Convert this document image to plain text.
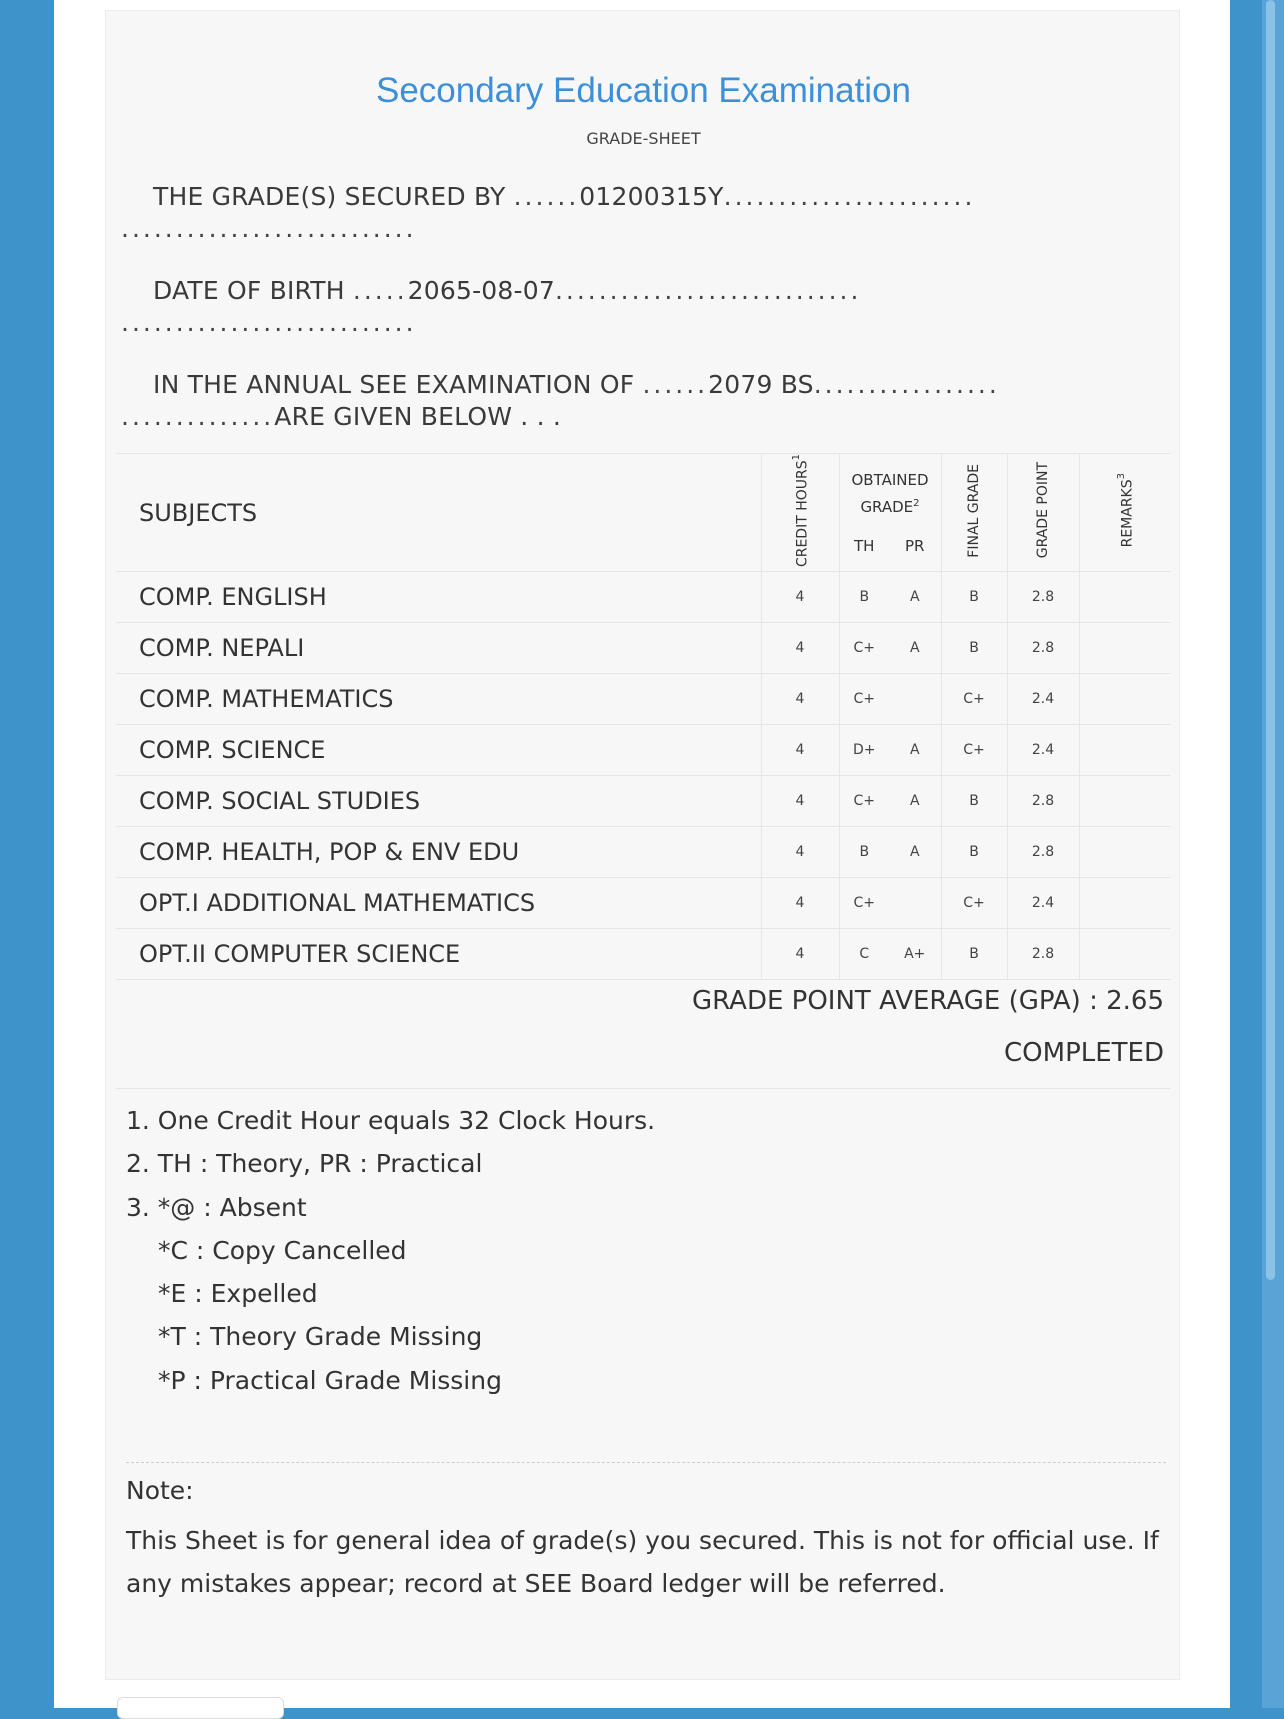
Secondary Education Examination
GRADE-SHEET
THE GRADE(S) SECURED BY ......01200315Y.......................
...........................
DATE OF BIRTH .....2065-08-07............................
...........................
IN THE ANNUAL SEE EXAMINATION OF ......2079 BS.................
..............ARE GIVEN BELOW . . .
SUBJECTS	CREDIT HOURS$^1$	OBTAINED GRADE$^2$		FINAL GRADE	GRADE POINT	REMARKS$^3$
		TH	PR			
COMP. ENGLISH	4	B	A	B	2.8	
COMP. NEPALI	4	C+	A	B	2.8	
COMP. MATHEMATICS	4	C+		C+	2.4	
COMP. SCIENCE	4	D+	A	C+	2.4	
COMP. SOCIAL STUDIES	4	C+	A	B	2.8	
COMP. HEALTH, POP & ENV EDU	4	B	A	B	2.8	
OPT.I ADDITIONAL MATHEMATICS	4	C+		C+	2.4	
OPT.II COMPUTER SCIENCE	4	C	A+	B	2.8	
GRADE POINT AVERAGE (GPA) : 2.65
COMPLETED
1. One Credit Hour equals 32 Clock Hours.
2. TH : Theory, PR : Practical
3. *@ : Absent
*C : Copy Cancelled
*E : Expelled
*T : Theory Grade Missing
*P : Practical Grade Missing
Note:
This Sheet is for general idea of grade(s) you secured. This is not for official use. If any mistakes appear; record at SEE Board ledger will be referred.
